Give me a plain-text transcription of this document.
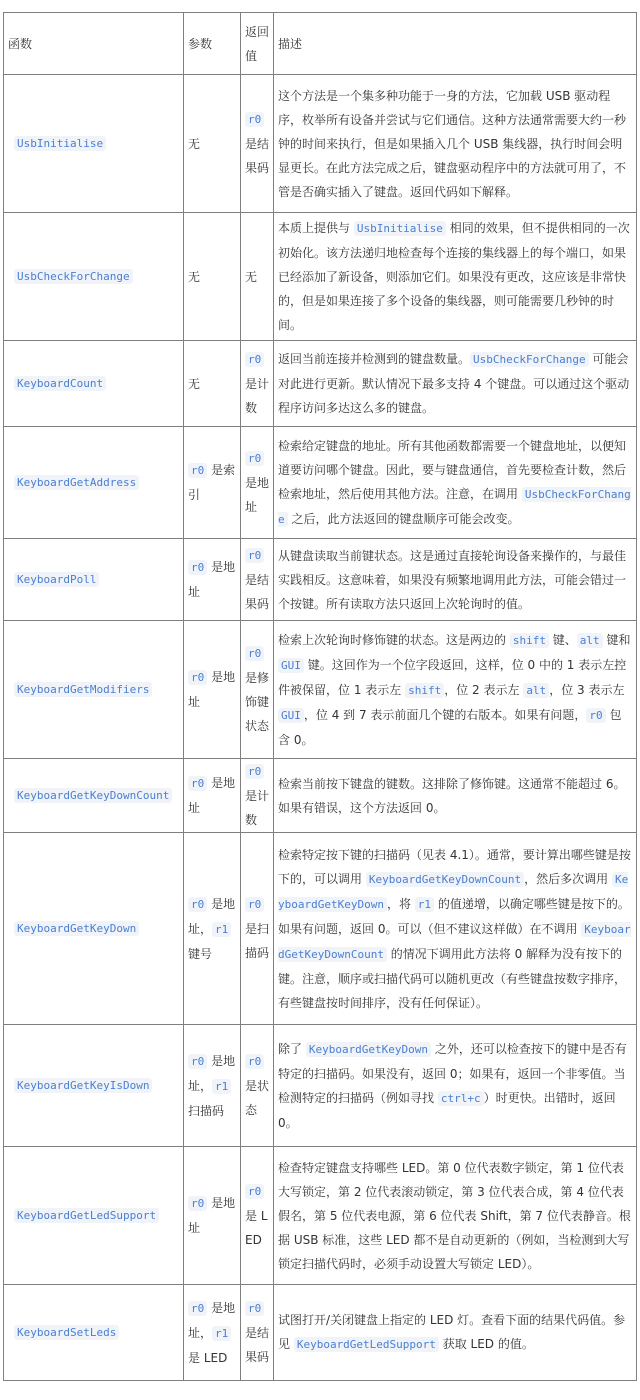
函数	参数	返回值	描述
UsbInitialise	无	r0 是结果码	这个方法是一个集多种功能于一身的方法，它加载 USB 驱动程序，枚举所有设备并尝试与它们通信。这种方法通常需要大约一秒钟的时间来执行，但是如果插入几个 USB 集线器，执行时间会明显更长。在此方法完成之后，键盘驱动程序中的方法就可用了，不管是否确实插入了键盘。返回代码如下解释。
UsbCheckForChange	无	无	本质上提供与 UsbInitialise 相同的效果，但不提供相同的一次初始化。该方法递归地检查每个连接的集线器上的每个端口，如果已经添加了新设备，则添加它们。如果没有更改，这应该是非常快的，但是如果连接了多个设备的集线器，则可能需要几秒钟的时间。
KeyboardCount	无	r0 是计数	返回当前连接并检测到的键盘数量。 UsbCheckForChange 可能会对此进行更新。默认情况下最多支持 4 个键盘。可以通过这个驱动程序访问多达这么多的键盘。
KeyboardGetAddress	r0 是索引	r0 是地址	检索给定键盘的地址。所有其他函数都需要一个键盘地址，以便知道要访问哪个键盘。因此，要与键盘通信，首先要检查计数，然后检索地址，然后使用其他方法。注意，在调用 UsbCheckForChange 之后，此方法返回的键盘顺序可能会改变。
KeyboardPoll	r0 是地址	r0 是结果码	从键盘读取当前键状态。这是通过直接轮询设备来操作的，与最佳实践相反。这意味着，如果没有频繁地调用此方法，可能会错过一个按键。所有读取方法只返回上次轮询时的值。
KeyboardGetModifiers	r0 是地址	r0 是修饰键状态	检索上次轮询时修饰键的状态。这是两边的 shift 键、 alt 键和 GUI 键。这回作为一个位字段返回，这样，位 0 中的 1 表示左控件被保留，位 1 表示左 shift ，位 2 表示左 alt ，位 3 表示左 GUI ，位 4 到 7 表示前面几个键的右版本。如果有问题， r0 包含 0。
KeyboardGetKeyDownCount	r0 是地址	r0 是计数	检索当前按下键盘的键数。这排除了修饰键。这通常不能超过 6。如果有错误，这个方法返回 0。
KeyboardGetKeyDown	r0 是地址， r1 键号	r0 是扫描码	检索特定按下键的扫描码（见表 4.1）。通常，要计算出哪些键是按下的，可以调用 KeyboardGetKeyDownCount ，然后多次调用 KeyboardGetKeyDown ，将 r1 的值递增，以确定哪些键是按下的。如果有问题，返回 0。可以（但不建议这样做）在不调用 KeyboardGetKeyDownCount 的情况下调用此方法将 0 解释为没有按下的键。注意，顺序或扫描代码可以随机更改（有些键盘按数字排序，有些键盘按时间排序，没有任何保证）。
KeyboardGetKeyIsDown	r0 是地址， r1 扫描码	r0 是状态	除了 KeyboardGetKeyDown 之外，还可以检查按下的键中是否有特定的扫描码。如果没有，返回 0；如果有，返回一个非零值。当检测特定的扫描码（例如寻找 ctrl+c ）时更快。出错时，返回 0。
KeyboardGetLedSupport	r0 是地址	r0 是 LED	检查特定键盘支持哪些 LED。第 0 位代表数字锁定，第 1 位代表大写锁定，第 2 位代表滚动锁定，第 3 位代表合成，第 4 位代表假名，第 5 位代表电源，第 6 位代表 Shift，第 7 位代表静音。根据 USB 标准，这些 LED 都不是自动更新的（例如，当检测到大写锁定扫描代码时，必须手动设置大写锁定 LED）。
KeyboardSetLeds	r0 是地址， r1 是 LED	r0 是结果码	试图打开/关闭键盘上指定的 LED 灯。查看下面的结果代码值。参见 KeyboardGetLedSupport 获取 LED 的值。
